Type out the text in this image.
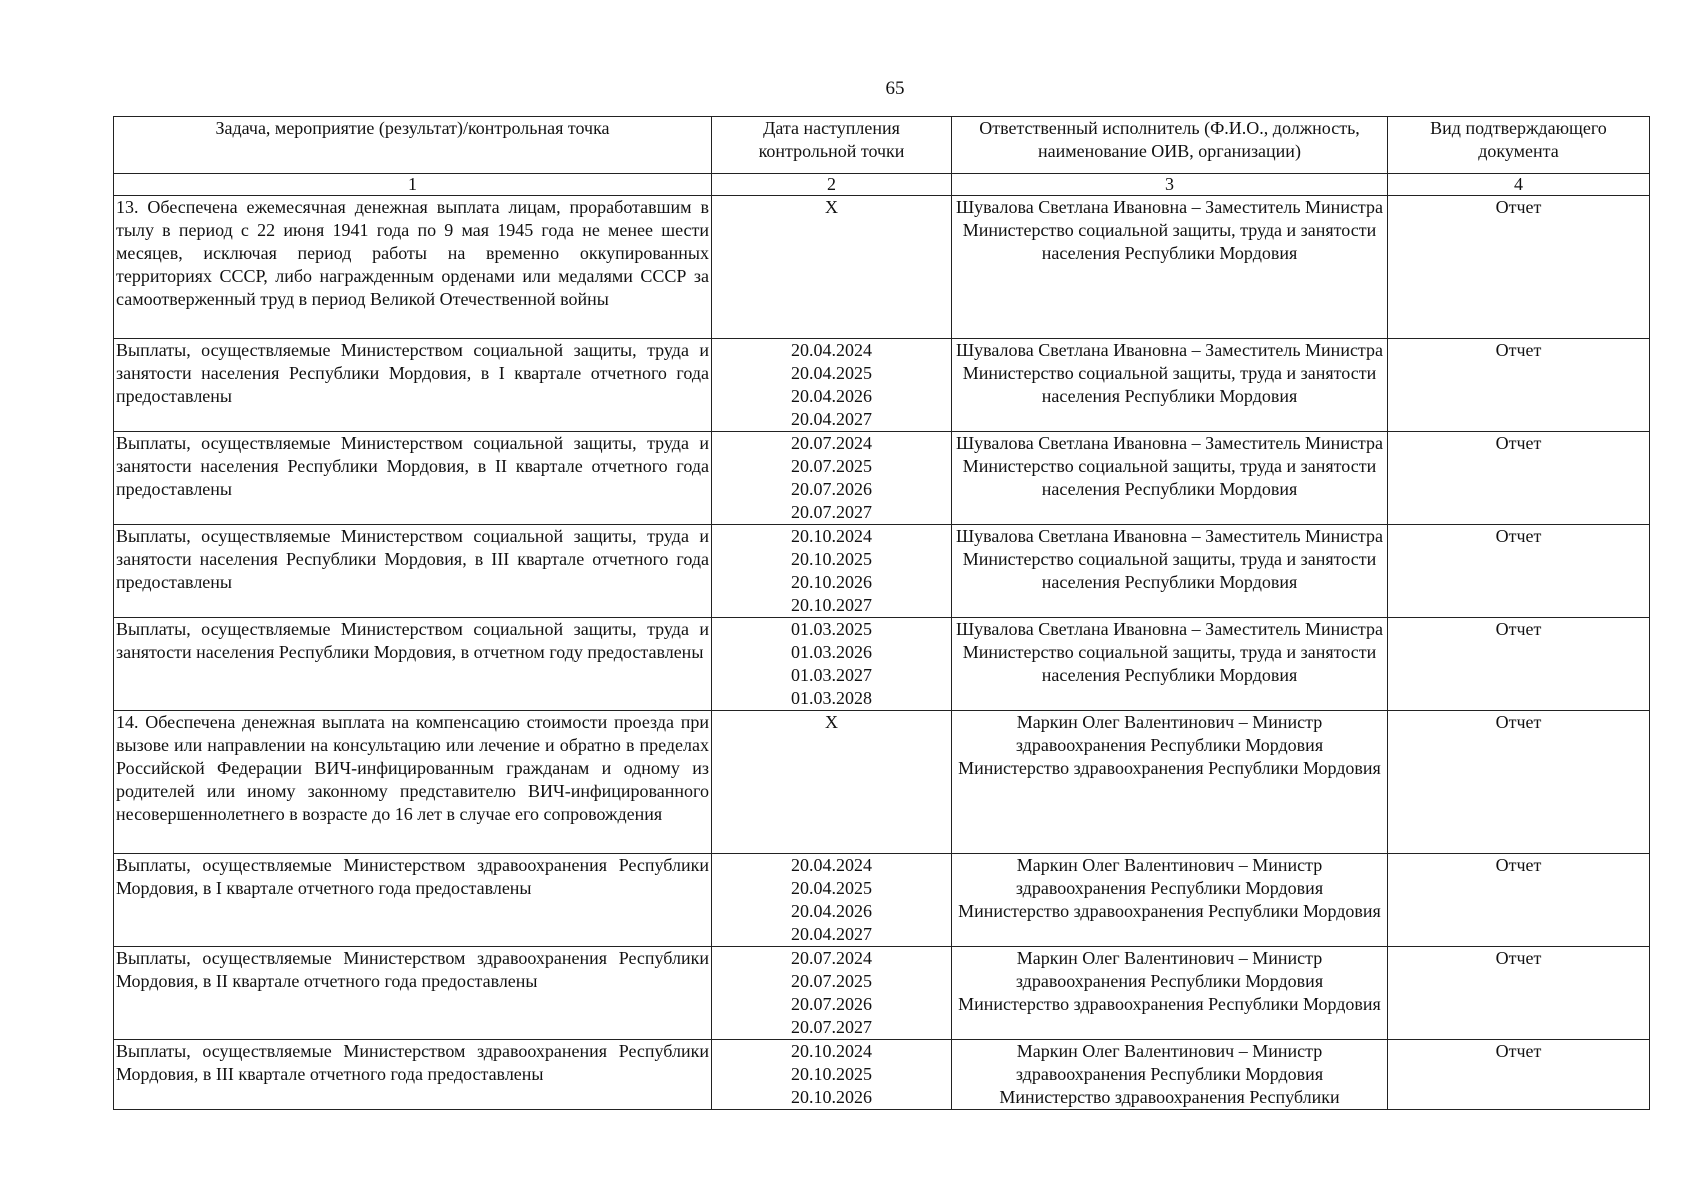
65
Задача, мероприятие (результат)/контрольная точка	Дата наступления контрольной точки	Ответственный исполнитель (Ф.И.О., должность, наименование ОИВ, организации)	Вид подтверждающего документа
1	2	3	4
13. Обеспечена ежемесячная денежная выплата лицам, проработавшим в тылу в период с 22 июня 1941 года по 9 мая 1945 года не менее шести месяцев, исключая период работы на временно оккупированных территориях СССР, либо награжденным орденами или медалями СССР за самоотверженный труд в период Великой Отечественной войны	X	Шувалова Светлана Ивановна – Заместитель Министра
Министерство социальной защиты, труда и занятости населения Республики Мордовия	Отчет
Выплаты, осуществляемые Министерством социальной защиты, труда и занятости населения Республики Мордовия, в I квартале отчетного года предоставлены	20.04.2024
20.04.2025
20.04.2026
20.04.2027	Шувалова Светлана Ивановна – Заместитель Министра
Министерство социальной защиты, труда и занятости населения Республики Мордовия	Отчет
Выплаты, осуществляемые Министерством социальной защиты, труда и занятости населения Республики Мордовия, в II квартале отчетного года предоставлены	20.07.2024
20.07.2025
20.07.2026
20.07.2027	Шувалова Светлана Ивановна – Заместитель Министра
Министерство социальной защиты, труда и занятости населения Республики Мордовия	Отчет
Выплаты, осуществляемые Министерством социальной защиты, труда и занятости населения Республики Мордовия, в III квартале отчетного года предоставлены	20.10.2024
20.10.2025
20.10.2026
20.10.2027	Шувалова Светлана Ивановна – Заместитель Министра
Министерство социальной защиты, труда и занятости населения Республики Мордовия	Отчет
Выплаты, осуществляемые Министерством социальной защиты, труда и занятости населения Республики Мордовия, в отчетном году предоставлены	01.03.2025
01.03.2026
01.03.2027
01.03.2028	Шувалова Светлана Ивановна – Заместитель Министра
Министерство социальной защиты, труда и занятости населения Республики Мордовия	Отчет
14. Обеспечена денежная выплата на компенсацию стоимости проезда при вызове или направлении на консультацию или лечение и обратно в пределах Российской Федерации ВИЧ-инфицированным гражданам и одному из родителей или иному законному представителю ВИЧ-инфицированного несовершеннолетнего в возрасте до 16 лет в случае его сопровождения	X	Маркин Олег Валентинович – Министр здравоохранения Республики Мордовия
Министерство здравоохранения Республики Мордовия	Отчет
Выплаты, осуществляемые Министерством здравоохранения Республики Мордовия, в I квартале отчетного года предоставлены	20.04.2024
20.04.2025
20.04.2026
20.04.2027	Маркин Олег Валентинович – Министр здравоохранения Республики Мордовия
Министерство здравоохранения Республики Мордовия	Отчет
Выплаты, осуществляемые Министерством здравоохранения Республики Мордовия, в II квартале отчетного года предоставлены	20.07.2024
20.07.2025
20.07.2026
20.07.2027	Маркин Олег Валентинович – Министр здравоохранения Республики Мордовия
Министерство здравоохранения Республики Мордовия	Отчет
Выплаты, осуществляемые Министерством здравоохранения Республики Мордовия, в III квартале отчетного года предоставлены	20.10.2024
20.10.2025
20.10.2026	Маркин Олег Валентинович – Министр здравоохранения Республики Мордовия
Министерство здравоохранения Республики	Отчет
